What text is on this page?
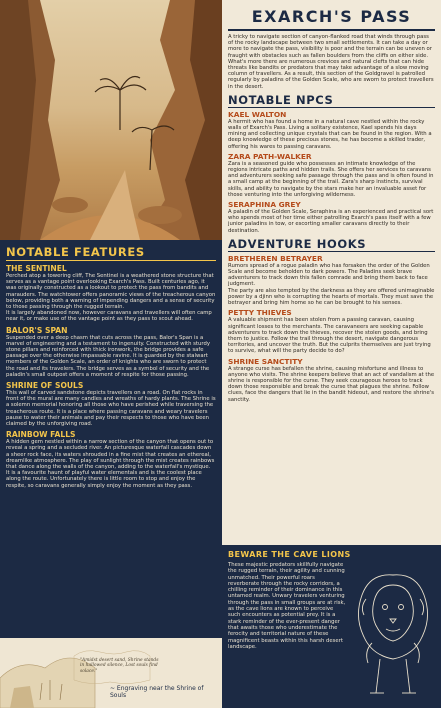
NOTABLE FEATURES
THE SENTINEL

Perched atop a towering cliff, The Sentinel is a weathered stone structure that serves as a vantage point overlooking Exarch's Pass. Built centuries ago, it was originally constructed as a lookout to protect the pass from bandits and marauders. The watchtower offers panoramic views of the treacherous canyon below, providing both a warning of impending dangers and a sense of security to those passing through the rugged terrain.

It is largely abandoned now, however caravans and travellers will often camp near it, or make use of the vantage point as they pass to scout ahead.

BALOR'S SPAN

Suspended over a deep chasm that cuts across the pass, Balor's Span is a marvel of engineering and a testament to ingenuity. Constructed with sturdy stone pillars and reinforced with thick ironwork, the bridge provides a safe passage over the otherwise impassable ravine. It is guarded by the stalwart members of the Golden Scale, an order of knights who are sworn to protect the road and its travelers. The bridge serves as a symbol of security and the paladin's small outpost offers a moment of respite for those passing.

SHRINE OF SOULS

This wall of carved sandstone depicts travellers on a road. On flat rocks in front of the mural are many candles and wreaths of hardy plants. The Shrine is a solemn memorial honoring all those who have perished while traversing the treacherous route. It is a place where passing caravans and weary travelers pause to water their animals and pay their respects to those who have been claimed by the unforgiving road.

RAINBOW FALLS

A hidden gem nestled within a narrow section of the canyon that opens out to reveal a spring and a secluded river. An picturesque waterfall cascades down a sheer rock face, its waters shrouded in a fine mist that creates an ethereal, dreamlike atmosphere. The play of sunlight through the mist creates rainbows that dance along the walls of the canyon, adding to the waterfall's mystique.

It is a favourite haunt of playful water elementals and is the coolest place along the route. Unfortunately there is little room to stop and enjoy the respite, so caravans generally simply enjoy the moment as they pass.

"Amidst desert sand, Shrine stands in hallowed silence, Lost souls find solace."
~ Engraving near the Shrine of Souls
EXARCH'S PASS

A tricky to navigate section of canyon-flanked road that winds through pass of the rocky landscape between two small settlements. It can take a day or more to navigate the pass, visibility is poor and the terrain can be uneven or fraught with obstacles such as fallen boulders from the cliffs on either side.

What's more there are numerous crevices and natural clefts that can hide threats like bandits or predators that may take advantage of a slow moving column of travellers. As a result, this section of the Goldgravel is patrolled regularly by paladins of the Golden Scale, who are sworn to protect travellers in the desert.

NOTABLE NPCS
KAEL WALTON

A hermit who has found a home in a natural cave nestled within the rocky walls of Exarch's Pass. Living a solitary existence, Kael spends his days mining and collecting unique crystals that can be found in the region. With a deep knowledge of these precious stones, he has become a skilled trader, offering his wares to passing caravans.

ZARA PATH-WALKER

Zara is a seasoned guide who possesses an intimate knowledge of the regions intricate paths and hidden trails. She offers her services to caravans and adventurers seeking safe passage through the pass and is often found in a small camp at the beginning of the trail. Zara's sharp instincts, survival skills, and ability to navigate by the stars make her an invaluable asset for those venturing into the unforgiving wilderness.

SERAPHINA GREY

A paladin of the Golden Scale, Seraphina is an experienced and practical sort who spends most of her time either patrolling Exarch's pass itself with a few junior paladins in tow, or escorting smaller caravans directly to their destination.

ADVENTURE HOOKS
BRETHEREN BETRAYER

Rumors spread of a rogue paladin who has forsaken the order of the Golden Scale and become beholden to dark powers. The Paladins seek brave adventurers to track down this fallen comrade and bring them back to face judgment.

The party are also tempted by the darkness as they are offered unimaginable power by a djinn who is corrupting the hearts of mortals. They must save the betrayer and bring him home so he can be brought to his senses.

PETTY THIEVES

A valuable shipment has been stolen from a passing caravan, causing significant losses to the merchants. The caravaneers are seeking capable adventurers to track down the thieves, recover the stolen goods, and bring them to justice. Follow the trail through the desert, navigate dangerous territories, and uncover the truth. But the culprits themselves are just trying to survive, what will the party decide to do?

SHRINE SANCTITY

A strange curse has befallen the shrine, causing misfortune and illness to anyone who visits. The shrine keepers believe that an act of vandalism at the shrine is responsible for the curse. They seek courageous heroes to track down those responsible and break the curse that plagues the shrine. Follow clues, face the dangers that lie in the bandit hideout, and restore the shrine's sanctity.

BEWARE THE CAVE LIONS

These majestic predators skillfully navigate the rugged terrain, their agility and cunning unmatched. Their powerful roars reverberate through the rocky corridors, a chilling reminder of their dominance in this untamed realm. Unwary travelers venturing through the pass in small groups are at risk, as the cave lions are known to perceive such encounters as potential prey. It is a stark reminder of the ever-present danger that awaits those who underestimate the ferocity and territorial nature of these magnificent beasts within this harsh desert landscape.
